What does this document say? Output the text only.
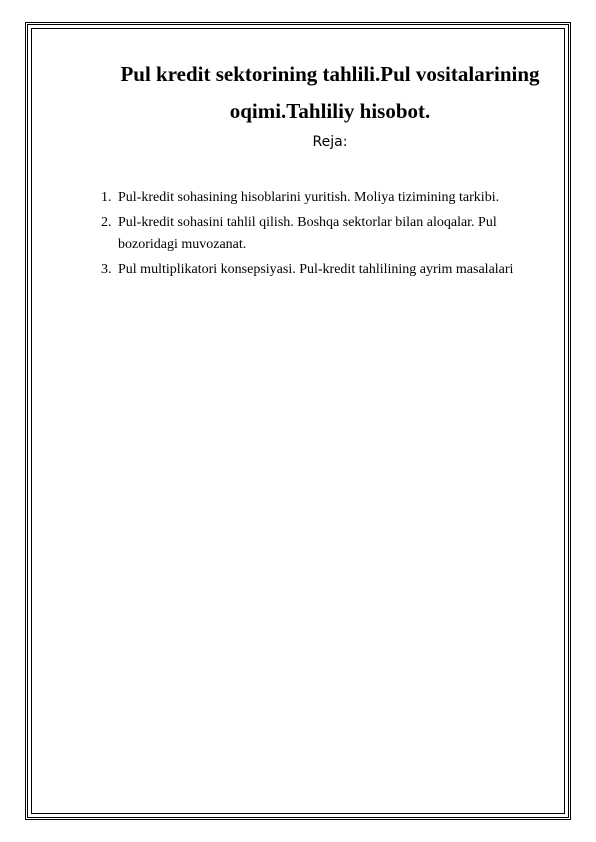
Pul kredit sektorining tahlili.Pul vositalarining oqimi.Tahliliy hisobot.

Reja:

1. Pul-kredit sohasining hisoblarini yuritish. Moliya tizimining tarkibi.
2. Pul-kredit sohasini tahlil qilish. Boshqa sektorlar bilan aloqalar. Pul bozoridagi muvozanat.
3. Pul multiplikatori konsepsiyasi. Pul-kredit tahlilining ayrim masalalari
